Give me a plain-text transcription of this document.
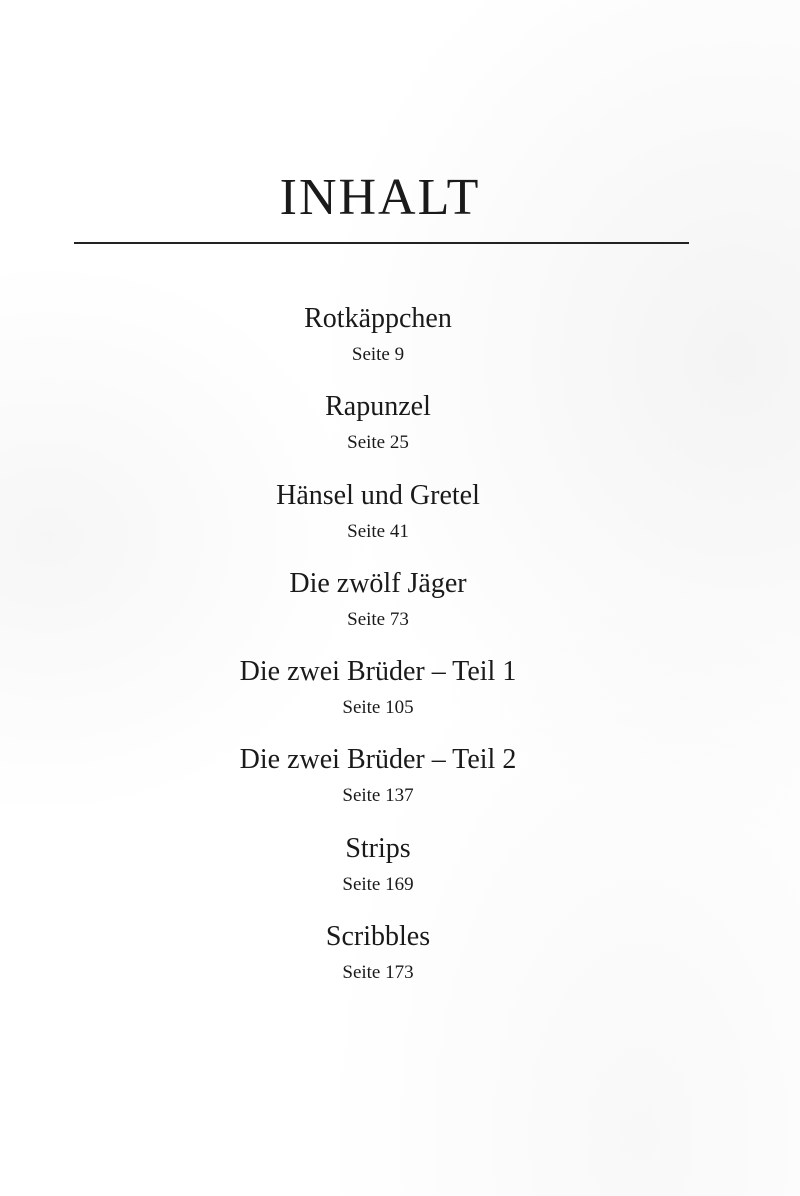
INHALT
Rotkäppchen
Seite 9
Rapunzel
Seite 25
Hänsel und Gretel
Seite 41
Die zwölf Jäger
Seite 73
Die zwei Brüder – Teil 1
Seite 105
Die zwei Brüder – Teil 2
Seite 137
Strips
Seite 169
Scribbles
Seite 173
